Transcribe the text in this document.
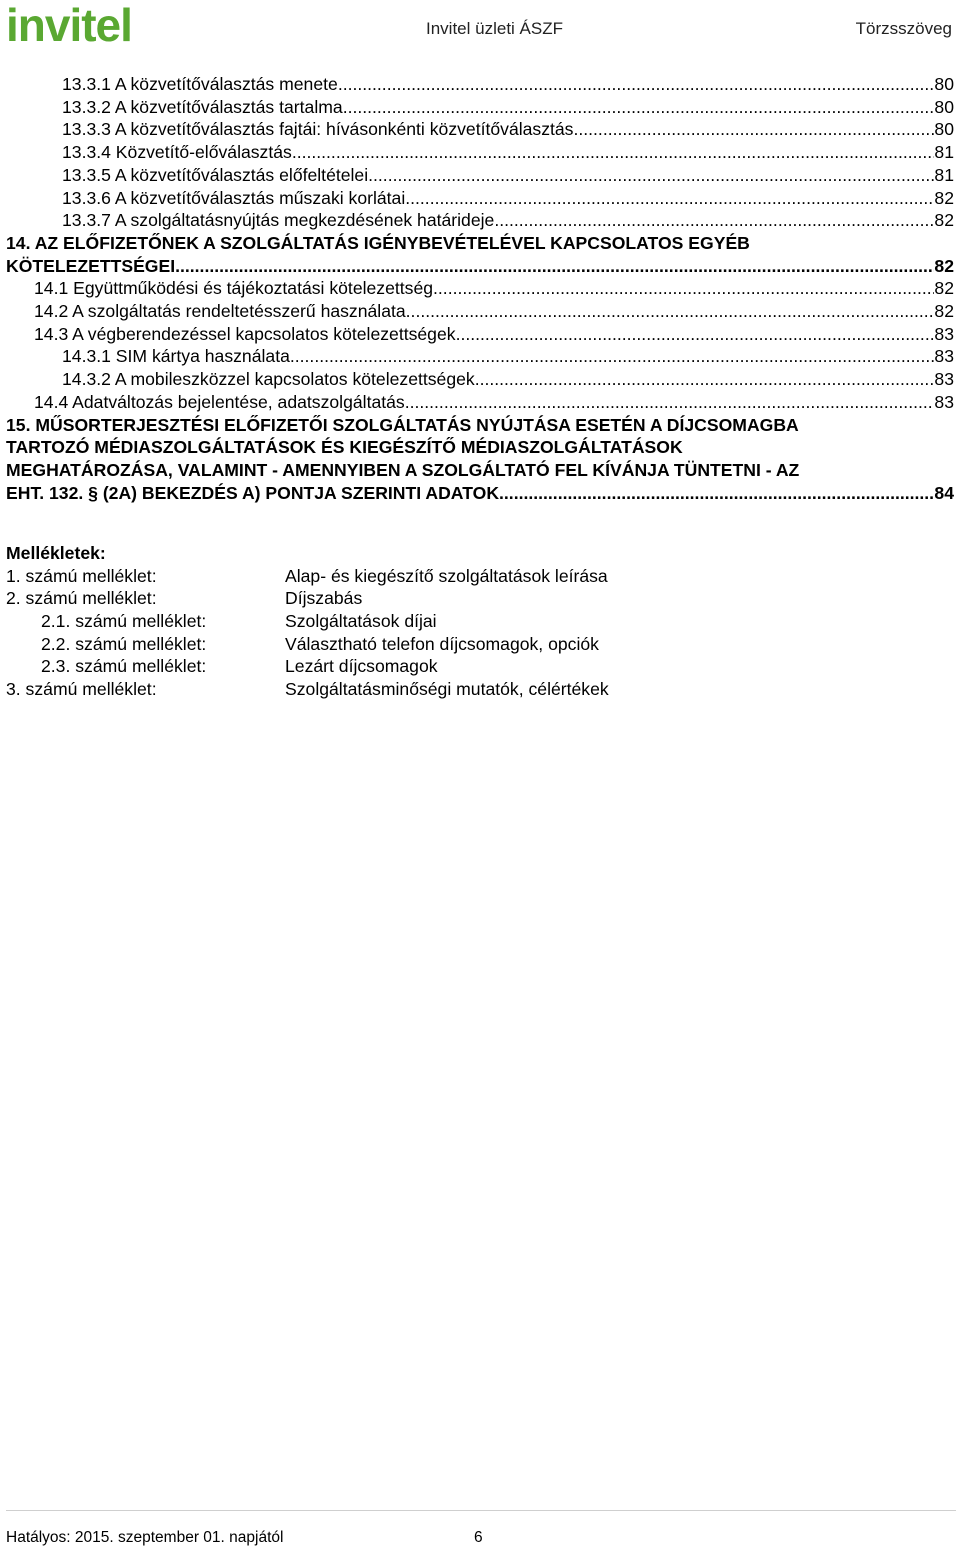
invitel	Invitel üzleti ÁSZF	Törzsszöveg
13.3.1 A közvetítőválasztás menete .....	80
13.3.2 A közvetítőválasztás tartalma .....	80
13.3.3 A közvetítőválasztás fajtái: hívásonkénti közvetítőválasztás .....	80
13.3.4 Közvetítő-előválasztás .....	81
13.3.5 A közvetítőválasztás előfeltételei .....	81
13.3.6 A közvetítőválasztás műszaki korlátai .....	82
13.3.7 A szolgáltatásnyújtás megkezdésének határideje .....	82
14. AZ ELŐFIZETŐNEK A SZOLGÁLTATÁS IGÉNYBEVÉTELÉVEL KAPCSOLATOS EGYÉB
KÖTELEZETTSÉGEI .....	82
14.1 Együttműködési és tájékoztatási kötelezettség .....	82
14.2 A szolgáltatás rendeltetésszerű használata .....	82
14.3 A végberendezéssel kapcsolatos kötelezettségek .....	83
14.3.1 SIM kártya használata .....	83
14.3.2 A mobileszközzel kapcsolatos kötelezettségek .....	83
14.4 Adatváltozás bejelentése, adatszolgáltatás .....	83
15. MŰSORTERJESZTÉSI ELŐFIZETŐI SZOLGÁLTATÁS NYÚJTÁSA ESETÉN A DÍJCSOMAGBA
TARTOZÓ MÉDIASZOLGÁLTATÁSOK ÉS KIEGÉSZÍTŐ MÉDIASZOLGÁLTATÁSOK
MEGHATÁROZÁSA, VALAMINT - AMENNYIBEN A SZOLGÁLTATÓ FEL KÍVÁNJA TÜNTETNI - AZ
EHT. 132. § (2A) BEKEZDÉS A) PONTJA SZERINTI ADATOK .....	84
Mellékletek:
1. számú melléklet:	Alap- és kiegészítő szolgáltatások leírása
2. számú melléklet:	Díjszabás
2.1. számú melléklet:	Szolgáltatások díjai
2.2. számú melléklet:	Választható telefon díjcsomagok, opciók
2.3. számú melléklet:	Lezárt díjcsomagok
3. számú melléklet:	Szolgáltatásminőségi mutatók, célértékek
Hatályos: 2015. szeptember 01. napjától	6
